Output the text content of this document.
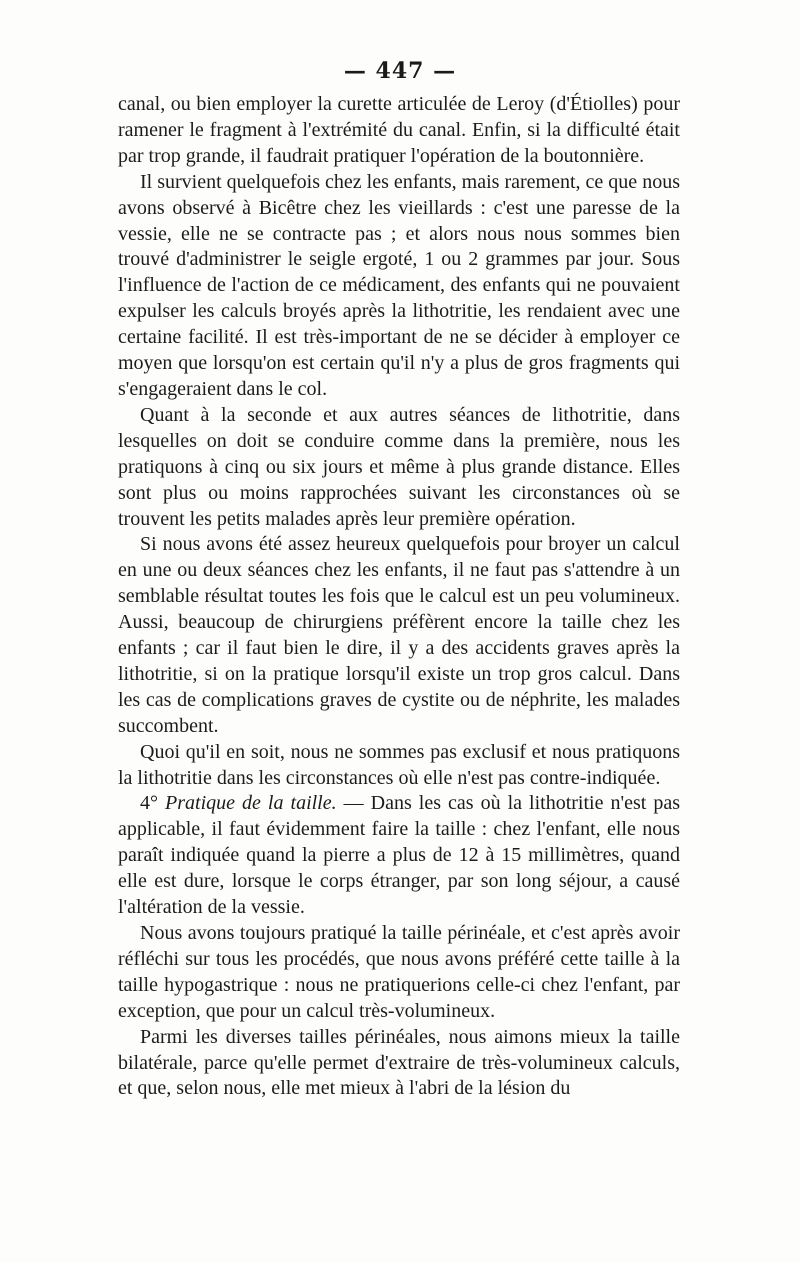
— 447 —

canal, ou bien employer la curette articulée de Leroy (d'Étiolles) pour ramener le fragment à l'extrémité du canal. Enfin, si la difficulté était par trop grande, il faudrait pratiquer l'opération de la boutonnière.

Il survient quelquefois chez les enfants, mais rarement, ce que nous avons observé à Bicêtre chez les vieillards : c'est une paresse de la vessie, elle ne se contracte pas ; et alors nous nous sommes bien trouvé d'administrer le seigle ergoté, 1 ou 2 grammes par jour. Sous l'influence de l'action de ce médicament, des enfants qui ne pouvaient expulser les calculs broyés après la lithotritie, les rendaient avec une certaine facilité. Il est très-important de ne se décider à employer ce moyen que lorsqu'on est certain qu'il n'y a plus de gros fragments qui s'engageraient dans le col.

Quant à la seconde et aux autres séances de lithotritie, dans lesquelles on doit se conduire comme dans la première, nous les pratiquons à cinq ou six jours et même à plus grande distance. Elles sont plus ou moins rapprochées suivant les circonstances où se trouvent les petits malades après leur première opération.

Si nous avons été assez heureux quelquefois pour broyer un calcul en une ou deux séances chez les enfants, il ne faut pas s'attendre à un semblable résultat toutes les fois que le calcul est un peu volumineux. Aussi, beaucoup de chirurgiens préfèrent encore la taille chez les enfants ; car il faut bien le dire, il y a des accidents graves après la lithotritie, si on la pratique lorsqu'il existe un trop gros calcul. Dans les cas de complications graves de cystite ou de néphrite, les malades succombent.

Quoi qu'il en soit, nous ne sommes pas exclusif et nous pratiquons la lithotritie dans les circonstances où elle n'est pas contre-indiquée.

4° Pratique de la taille. — Dans les cas où la lithotritie n'est pas applicable, il faut évidemment faire la taille : chez l'enfant, elle nous paraît indiquée quand la pierre a plus de 12 à 15 millimètres, quand elle est dure, lorsque le corps étranger, par son long séjour, a causé l'altération de la vessie.

Nous avons toujours pratiqué la taille périnéale, et c'est après avoir réfléchi sur tous les procédés, que nous avons préféré cette taille à la taille hypogastrique : nous ne pratiquerions celle-ci chez l'enfant, par exception, que pour un calcul très-volumineux.

Parmi les diverses tailles périnéales, nous aimons mieux la taille bilatérale, parce qu'elle permet d'extraire de très-volumineux calculs, et que, selon nous, elle met mieux à l'abri de la lésion du
